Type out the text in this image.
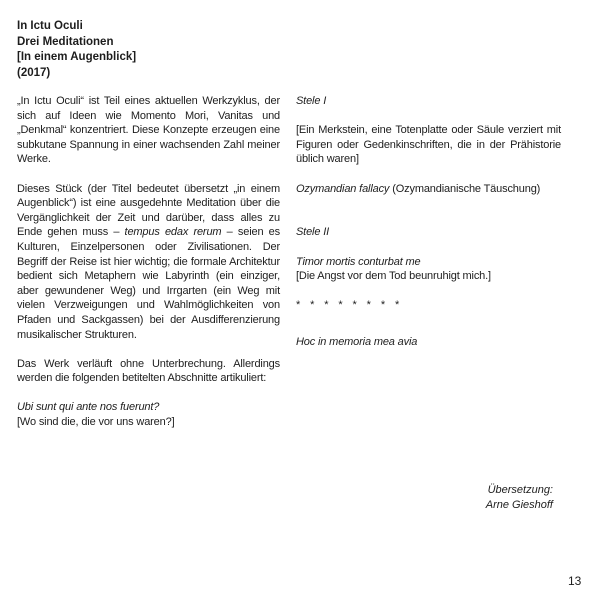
In Ictu Oculi
Drei Meditationen
[In einem Augenblick]
(2017)

„In Ictu Oculi“ ist Teil eines aktuellen Werkzyklus, der sich auf Ideen wie Momento Mori, Vanitas und „Denkmal“ konzentriert. Diese Konzepte erzeugen eine subkutane Spannung in einer wachsenden Zahl meiner Werke.

Dieses Stück (der Titel bedeutet übersetzt „in einem Augenblick“) ist eine ausgedehnte Meditation über die Vergänglichkeit der Zeit und darüber, dass alles zu Ende gehen muss – tempus edax rerum – seien es Kulturen, Einzelpersonen oder Zivilisationen. Der Begriff der Reise ist hier wichtig; die formale Architektur bedient sich Metaphern wie Labyrinth (ein einziger, aber gewundener Weg) und Irrgarten (ein Weg mit vielen Verzweigungen und Wahlmöglichkeiten von Pfaden und Sackgassen) bei der Ausdifferenzierung musikalischer Strukturen.

Das Werk verläuft ohne Unterbrechung. Allerdings werden die folgenden betitelten Abschnitte artikuliert:

Ubi sunt qui ante nos fuerunt?
[Wo sind die, die vor uns waren?]

Stele I

[Ein Merkstein, eine Totenplatte oder Säule verziert mit Figuren oder Gedenkinschriften, die in der Prähistorie üblich waren]

Ozymandian fallacy (Ozymandianische Täuschung)

Stele II

Timor mortis conturbat me
[Die Angst vor dem Tod beunruhigt mich.]

* * * * * * * *

Hoc in memoria mea avia

Übersetzung:
Arne Gieshoff
13
